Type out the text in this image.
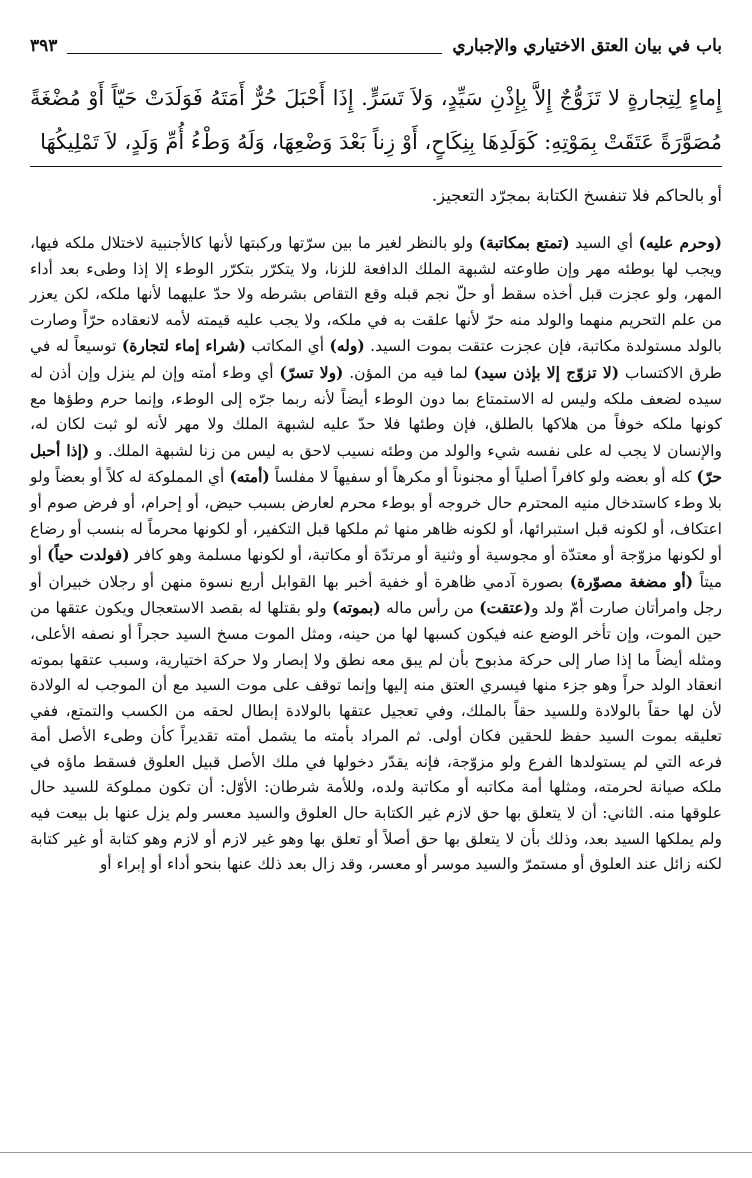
باب في بيان العتق الاختياري والإجباري
٣٩٣
إِماءٍ لِتِجارةٍ لا تَزَوُّجٌ إِلاَّ بِإِذْنِ سَيِّدٍ، وَلاَ تَسَرٍّ. إِذَا أَحْبَلَ حُرٌّ أَمَتَهُ فَوَلَدَتْ حَيّاً أَوْ مُضْغَةً مُصَوَّرَةً عَتَقَتْ بِمَوْتِهِ: كَوَلَدِهَا بِنِكَاحٍ، أَوْ زِناً بَعْدَ وَضْعِهَا، وَلَهُ وَطْءُ أُمِّ وَلَدٍ، لاَ تَمْلِيكُهَا
أو بالحاكم فلا تنفسخ الكتابة بمجرّد التعجيز.

(وحرم عليه) أي السيد (تمتع بمكاتبة) ولو بالنظر لغير ما بين سرّتها وركبتها لأنها كالأجنبية لاختلال ملكه فيها، ويجب لها بوطئه مهر وإن طاوعته لشبهة الملك الدافعة للزنا، ولا يتكرّر بتكرّر الوطء إلا إذا وطىء بعد أداء المهر، ولو عجزت قبل أخذه سقط أو حلّ نجم قبله وقع التقاص بشرطه ولا حدّ عليهما لأنها ملكه، لكن يعزر من علم التحريم منهما والولد منه حرّ لأنها علقت به في ملكه، ولا يجب عليه قيمته لأمه لانعقاده حرّاً وصارت بالولد مستولدة مكاتبة، فإن عجزت عتقت بموت السيد. (وله) أي المكاتب (شراء إماء لتجارة) توسيعاً له في طرق الاكتساب (لا تزوّج إلا بإذن سيد) لما فيه من المؤن. (ولا تسرّ) أي وطء أمته وإن لم ينزل وإن أذن له سيده لضعف ملكه وليس له الاستمتاع بما دون الوطء أيضاً لأنه ربما جرّه إلى الوطء، وإنما حرم وطؤها مع كونها ملكه خوفاً من هلاكها بالطلق، فإن وطئها فلا حدّ عليه لشبهة الملك ولا مهر لأنه لو ثبت لكان له، والإنسان لا يجب له على نفسه شيء والولد من وطئه نسيب لاحق به ليس من زنا لشبهة الملك. و (إذا أحبل حرّ) كله أو بعضه ولو كافراً أصلياً أو مجنوناً أو مكرهاً أو سفيهاً لا مفلساً (أمته) أي المملوكة له كلاً أو بعضاً ولو بلا وطء كاستدخال منيه المحترم حال خروجه أو بوطء محرم لعارض بسبب حيض، أو إحرام، أو فرض صوم أو اعتكاف، أو لكونه قبل استبرائها، أو لكونه ظاهر منها ثم ملكها قبل التكفير، أو لكونها محرماً له بنسب أو رضاع أو لكونها مزوّجة أو معتدّة أو مجوسية أو وثنية أو مرتدّة أو مكاتبة، أو لكونها مسلمة وهو كافر (فولدت حياً) أو ميتاً (أو مضغة مصوّرة) بصورة آدمي ظاهرة أو خفية أخبر بها القوابل أربع نسوة منهن أو رجلان خبيران أو رجل وامرأتان صارت أمّ ولد و(عتقت) من رأس ماله (بموته) ولو بقتلها له بقصد الاستعجال ويكون عتقها من حين الموت، وإن تأخر الوضع عنه فيكون كسبها لها من حينه، ومثل الموت مسخ السيد حجراً أو نصفه الأعلى، ومثله أيضاً ما إذا صار إلى حركة مذبوح بأن لم يبق معه نطق ولا إبصار ولا حركة اختيارية، وسبب عتقها بموته انعقاد الولد حراً وهو جزء منها فيسري العتق منه إليها وإنما توقف على موت السيد مع أن الموجب له الولادة لأن لها حقاً بالولادة وللسيد حقاً بالملك، وفي تعجيل عتقها بالولادة إبطال لحقه من الكسب والتمتع، ففي تعليقه بموت السيد حفظ للحقين فكان أولى. ثم المراد بأمته ما يشمل أمته تقديراً كأن وطىء الأصل أمة فرعه التي لم يستولدها الفرع ولو مزوّجة، فإنه يقدّر دخولها في ملك الأصل قبيل العلوق فسقط ماؤه في ملكه صيانة لحرمته، ومثلها أمة مكاتبه أو مكاتبة ولده، وللأمة شرطان: الأوّل: أن تكون مملوكة للسيد حال علوقها منه. الثاني: أن لا يتعلق بها حق لازم غير الكتابة حال العلوق والسيد معسر ولم يزل عنها بل بيعت فيه ولم يملكها السيد بعد، وذلك بأن لا يتعلق بها حق أصلاً أو تعلق بها وهو غير لازم أو لازم وهو كتابة أو غير كتابة لكنه زائل عند العلوق أو مستمرّ والسيد موسر أو معسر، وقد زال بعد ذلك عنها بنحو أداء أو إبراء أو
